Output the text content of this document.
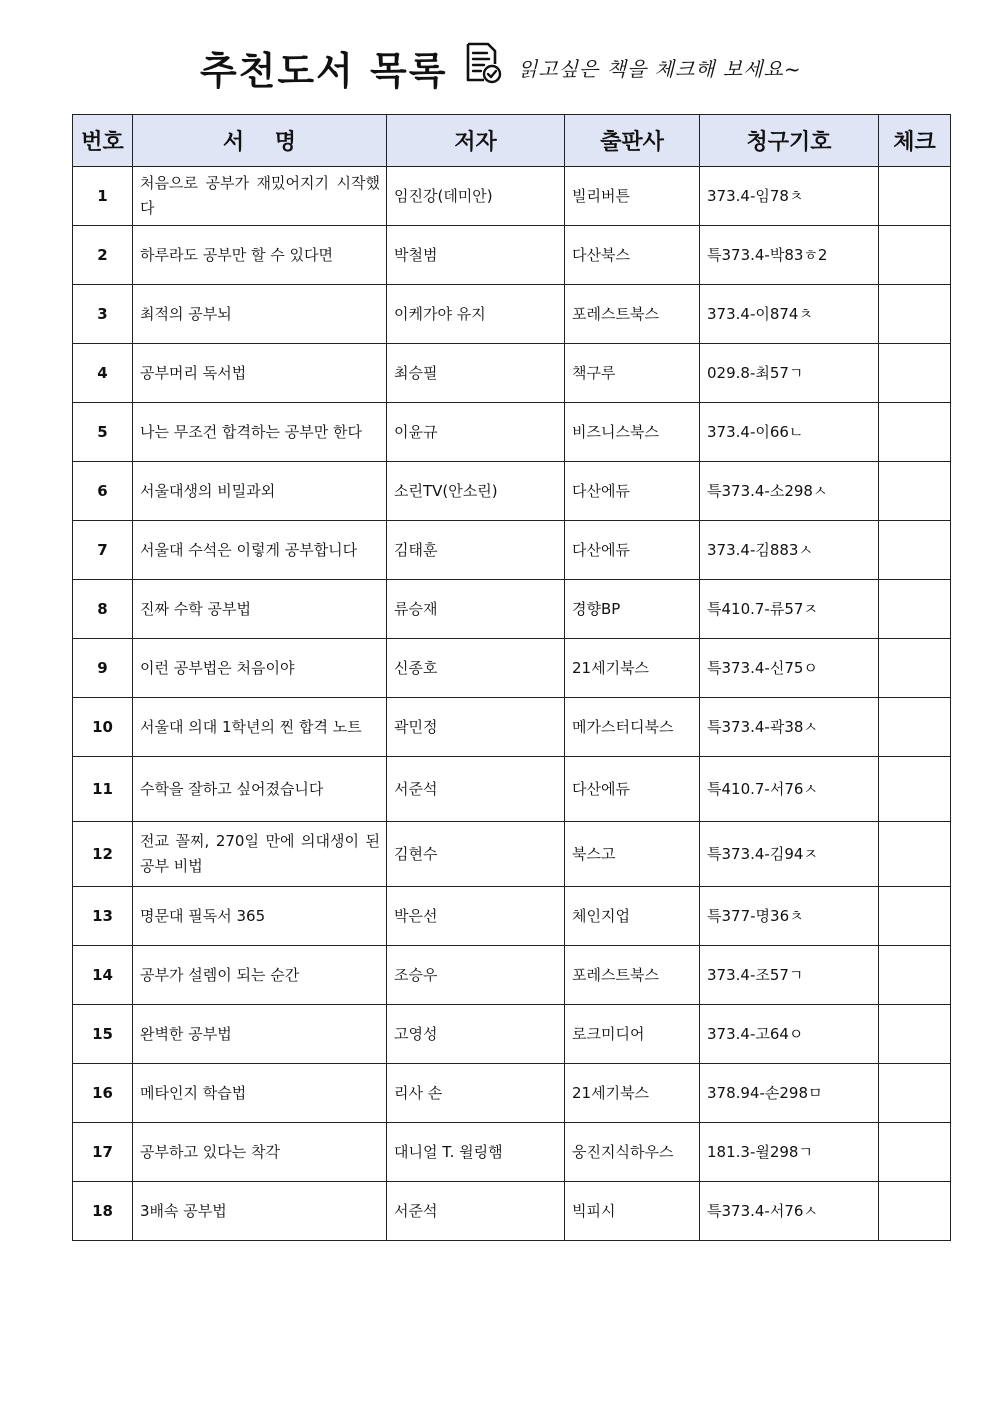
추천도서 목록	읽고싶은 책을 체크해 보세요~
번호	서    명	저자	출판사	청구기호	체크
1	처음으로 공부가 재밌어지기 시작했다	임진강(데미안)	빌리버튼	373.4-임78ㅊ	
2	하루라도 공부만 할 수 있다면	박철범	다산북스	특373.4-박83ㅎ2	
3	최적의 공부뇌	이케가야 유지	포레스트북스	373.4-이874ㅊ	
4	공부머리 독서법	최승필	책구루	029.8-최57ㄱ	
5	나는 무조건 합격하는 공부만 한다	이윤규	비즈니스북스	373.4-이66ㄴ	
6	서울대생의 비밀과외	소린TV(안소린)	다산에듀	특373.4-소298ㅅ	
7	서울대 수석은 이렇게 공부합니다	김태훈	다산에듀	373.4-김883ㅅ	
8	진짜 수학 공부법	류승재	경향BP	특410.7-류57ㅈ	
9	이런 공부법은 처음이야	신종호	21세기북스	특373.4-신75ㅇ	
10	서울대 의대 1학년의 찐 합격 노트	곽민정	메가스터디북스	특373.4-곽38ㅅ	
11	수학을 잘하고 싶어졌습니다	서준석	다산에듀	특410.7-서76ㅅ	
12	전교 꼴찌, 270일 만에 의대생이 된 공부 비법	김현수	북스고	특373.4-김94ㅈ	
13	명문대 필독서 365	박은선	체인지업	특377-명36ㅊ	
14	공부가 설렘이 되는 순간	조승우	포레스트북스	373.4-조57ㄱ	
15	완벽한 공부법	고영성	로크미디어	373.4-고64ㅇ	
16	메타인지 학습법	리사 손	21세기북스	378.94-손298ㅁ	
17	공부하고 있다는 착각	대니얼 T. 윌링햄	웅진지식하우스	181.3-윌298ㄱ	
18	3배속 공부법	서준석	빅피시	특373.4-서76ㅅ	
